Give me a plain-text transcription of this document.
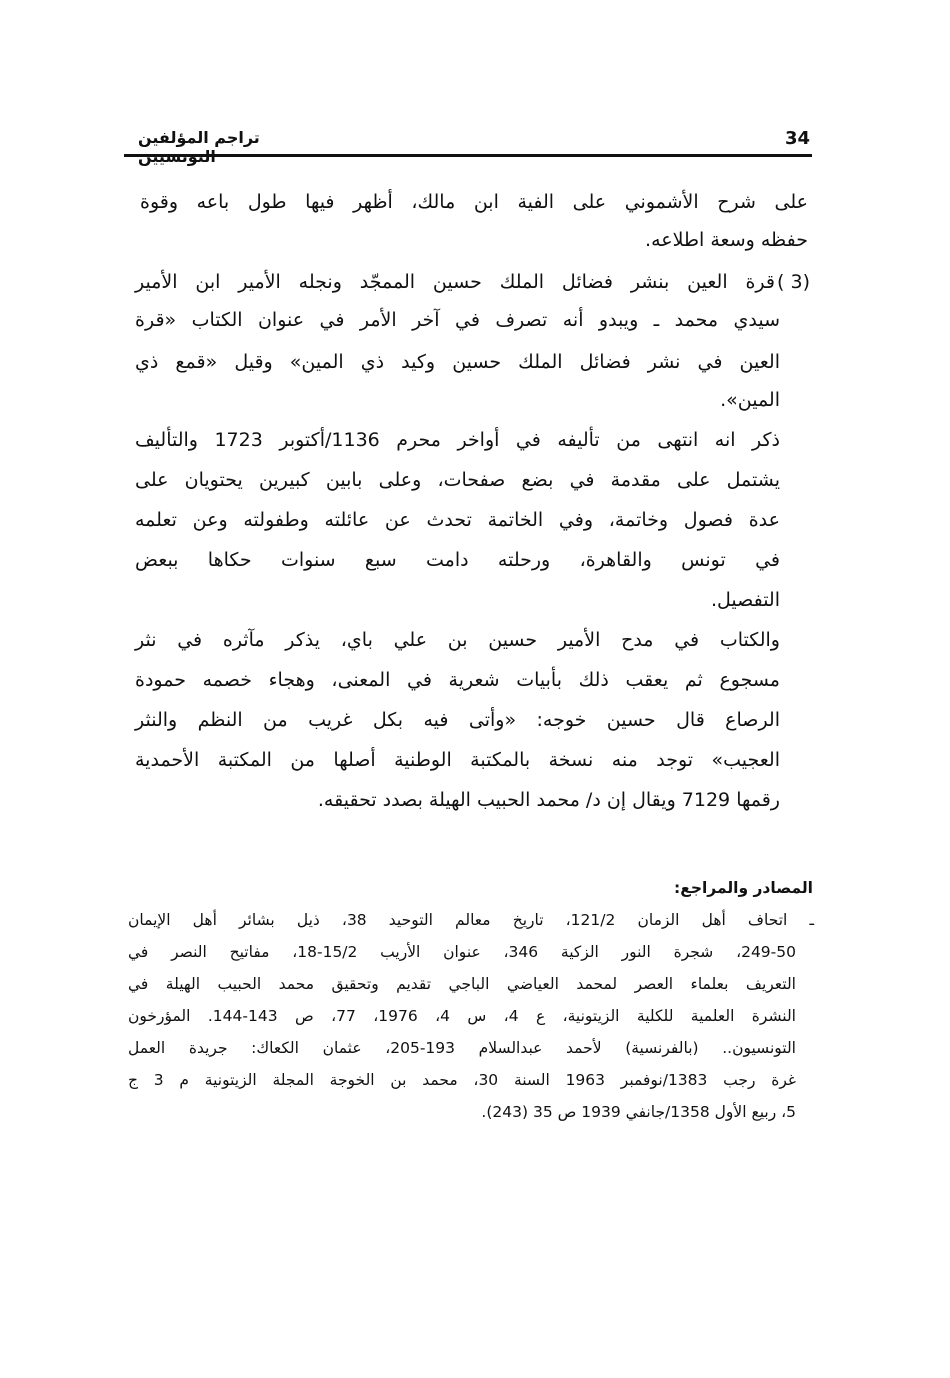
34
تراجم المؤلفين
على شرح الأشموني على الفية ابن مالك، أظهر فيها طول باعه وقوة
حفظه وسعة اطلاعه.
(3 )
قرة العين بنشر فضائل الملك حسين الممجّد ونجله الأمير ابن الأمير
سيدي محمد ـ ويبدو أنه تصرف في آخر الأمر في عنوان الكتاب «قرة
العين في نشر فضائل الملك حسين وكيد ذي المين» وقيل «قمع ذي
المين».
ذكر انه انتهى من تأليفه في أواخر محرم 1136/أكتوبر 1723 والتأليف
يشتمل على مقدمة في بضع صفحات، وعلى بابين كبيرين يحتويان على
عدة فصول وخاتمة، وفي الخاتمة تحدث عن عائلته وطفولته وعن تعلمه
في تونس والقاهرة، ورحلته دامت سبع سنوات حكاها ببعض
التفصيل.
والكتاب في مدح الأمير حسين بن علي باي، يذكر مآثره في نثر
مسجوع ثم يعقب ذلك بأبيات شعرية في المعنى، وهجاء خصمه حمودة
الرصاع قال حسين خوجه: «وأتى فيه بكل غريب من النظم والنثر
العجيب» توجد منه نسخة بالمكتبة الوطنية أصلها من المكتبة الأحمدية
رقمها 7129 ويقال إن د/ محمد الحبيب الهيلة بصدد تحقيقه.
المصادر والمراجع:
ـ اتحاف أهل الزمان 121/2، تاريخ معالم التوحيد 38، ذيل بشائر أهل الإيمان
249-50، شجرة النور الزكية 346، عنوان الأريب 15/2-18، مفاتيح النصر في
التعريف بعلماء العصر لمحمد العياضي الباجي تقديم وتحقيق محمد الحبيب الهيلة في
النشرة العلمية للكلية الزيتونية، ع 4، س 4، 1976، 77، ص 143-144. المؤرخون
التونسيون.. (بالفرنسية) لأحمد عبدالسلام 193-205، عثمان الكعاك: جريدة العمل
غرة رجب 1383/نوفمبر 1963 السنة 30، محمد بن الخوجة المجلة الزيتونية م 3 ج
5، ربيع الأول 1358/جانفي 1939 ص 35 (243).
